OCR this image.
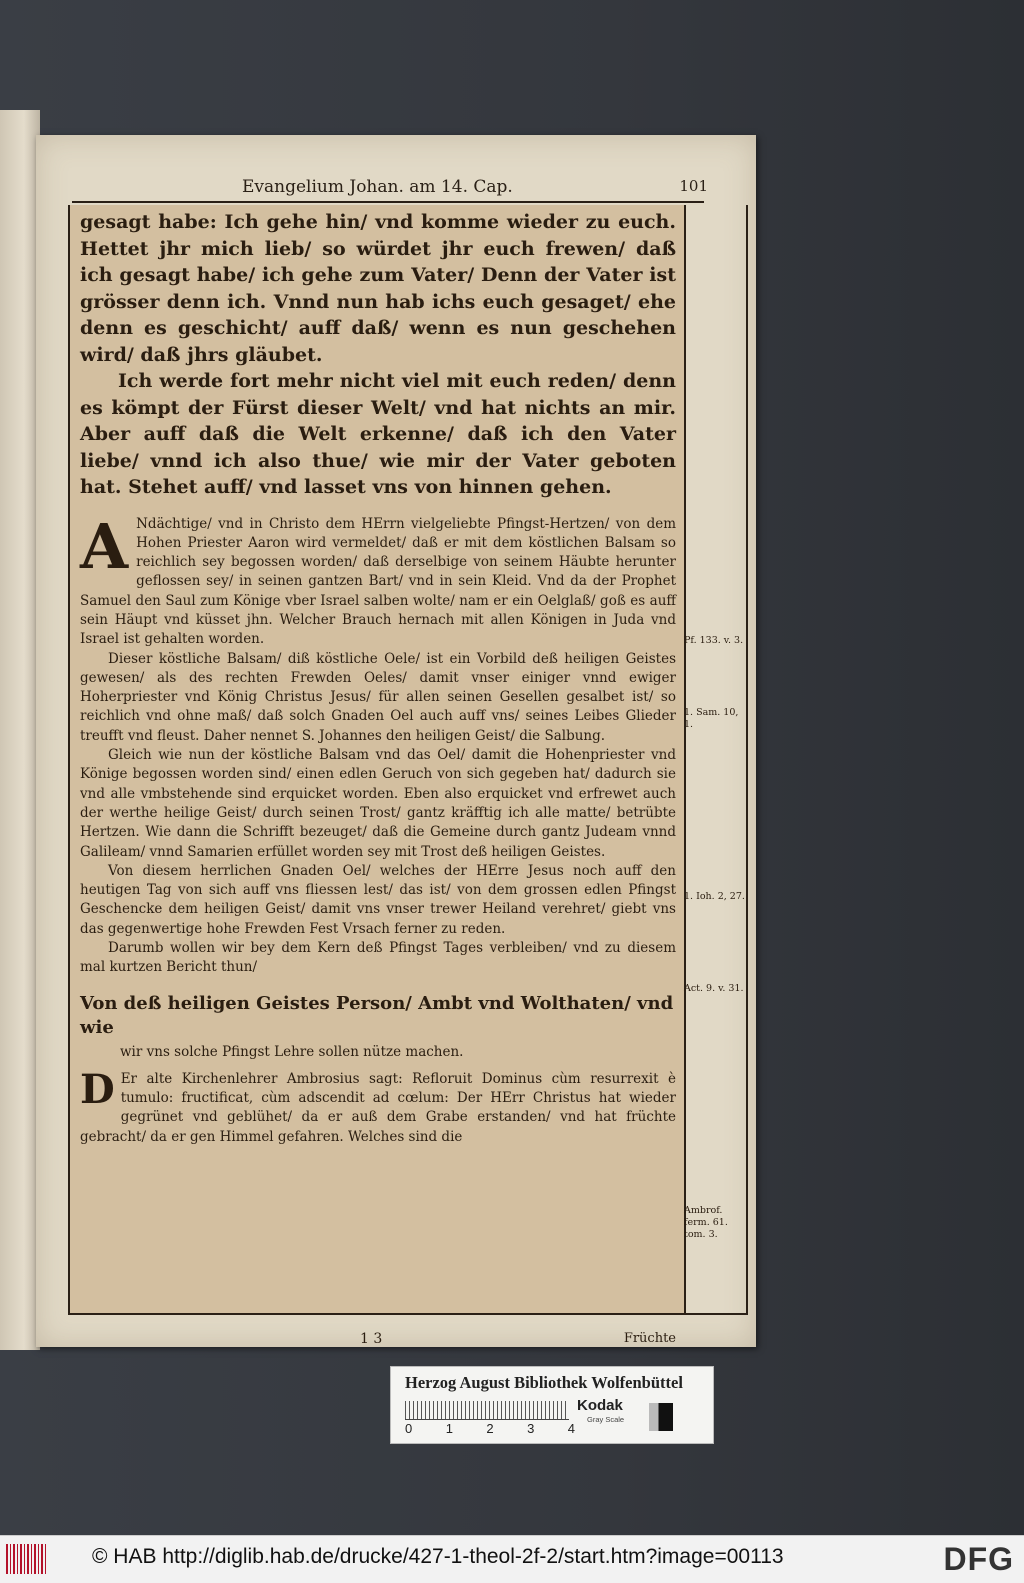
Evangelium Johan. am 14. Cap.	101

gesagt habe: Ich gehe hin/ vnd komme wieder zu euch. Hettet jhr mich lieb/ so würdet jhr euch frewen/ daß ich gesagt habe/ ich gehe zum Vater/ Denn der Vater ist grösser denn ich. Vnnd nun hab ichs euch gesaget/ ehe denn es geschicht/ auff daß/ wenn es nun geschehen wird/ daß jhrs gläubet.

Ich werde fort mehr nicht viel mit euch reden/ denn es kömpt der Fürst dieser Welt/ vnd hat nichts an mir. Aber auff daß die Welt erkenne/ daß ich den Vater liebe/ vnnd ich also thue/ wie mir der Vater geboten hat. Stehet auff/ vnd lasset vns von hinnen gehen.

A Ndächtige/ vnd in Christo dem HErrn vielgeliebte Pfingst-Hertzen/ von dem Hohen Priester Aaron wird vermeldet/ daß er mit dem köstlichen Balsam so reichlich sey begossen worden/ daß derselbige von seinem Häubte herunter geflossen sey/ in seinen gantzen Bart/ vnd in sein Kleid. Vnd da der Prophet Samuel den Saul zum Könige vber Israel salben wolte/ nam er ein Oelglaß/ goß es auff sein Häupt vnd küsset jhn. Welcher Brauch hernach mit allen Königen in Juda vnd Israel ist gehalten worden.

Dieser köstliche Balsam/ diß köstliche Oele/ ist ein Vorbild deß heiligen Geistes gewesen/ als des rechten Frewden Oeles/ damit vnser einiger vnnd ewiger Hoherpriester vnd König Christus Jesus/ für allen seinen Gesellen gesalbet ist/ so reichlich vnd ohne maß/ daß solch Gnaden Oel auch auff vns/ seines Leibes Glieder treufft vnd fleust. Daher nennet S. Johannes den heiligen Geist/ die Salbung.

Gleich wie nun der köstliche Balsam vnd das Oel/ damit die Hohenpriester vnd Könige begossen worden sind/ einen edlen Geruch von sich gegeben hat/ dadurch sie vnd alle vmbstehende sind erquicket worden. Eben also erquicket vnd erfrewet auch der werthe heilige Geist/ durch seinen Trost/ gantz kräfftig ich alle matte/ betrübte Hertzen. Wie dann die Schrifft bezeuget/ daß die Gemeine durch gantz Judeam vnnd Galileam/ vnnd Samarien erfüllet worden sey mit Trost deß heiligen Geistes.

Von diesem herrlichen Gnaden Oel/ welches der HErre Jesus noch auff den heutigen Tag von sich auff vns fliessen lest/ das ist/ von dem grossen edlen Pfingst Geschencke dem heiligen Geist/ damit vns vnser trewer Heiland verehret/ giebt vns das gegenwertige hohe Frewden Fest Vrsach ferner zu reden.

Darumb wollen wir bey dem Kern deß Pfingst Tages verbleiben/ vnd zu diesem mal kurtzen Bericht thun/

Von deß heiligen Geistes Person/ Ambt vnd Wolthaten/ vnd wie
wir vns solche Pfingst Lehre sollen nütze machen.

D Er alte Kirchenlehrer Ambrosius sagt: Refloruit Dominus cùm resurrexit è tumulo: fructificat, cùm adscendit ad cœlum: Der HErr Christus hat wieder gegrünet vnd geblühet/ da er auß dem Grabe erstanden/ vnd hat früchte gebracht/ da er gen Himmel gefahren. Welches sind die

1 3	Früchte
Pf. 133. v. 3.
1. Sam. 10, 1.
1. Ioh. 2, 27.
Act. 9. v. 31.
Ambrof. ferm. 61. tom. 3.
Herzog August Bibliothek Wolfenbüttel
0	1	2	3	4
Kodak
Gray Scale
© HAB http://diglib.hab.de/drucke/427-1-theol-2f-2/start.htm?image=00113	DFG
